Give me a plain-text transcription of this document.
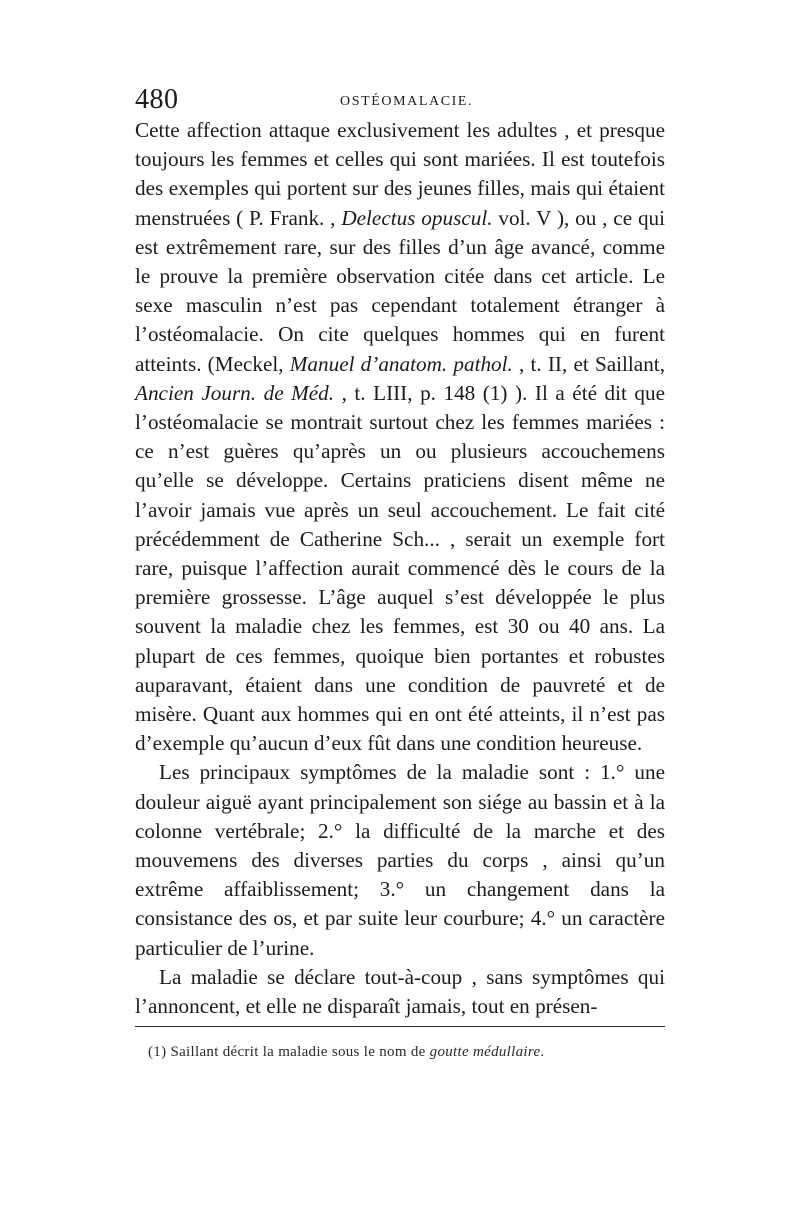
480	OSTÉOMALACIE.

Cette affection attaque exclusivement les adultes , et presque toujours les femmes et celles qui sont mariées. Il est toutefois des exemples qui portent sur des jeunes filles, mais qui étaient menstruées ( P. Frank. , Delectus opuscul. vol. V ), ou , ce qui est extrêmement rare, sur des filles d’un âge avancé, comme le prouve la première observation citée dans cet article. Le sexe masculin n’est pas cependant totalement étranger à l’ostéomalacie. On cite quelques hommes qui en furent atteints. (Meckel, Manuel d’anatom. pathol. , t. II, et Saillant, Ancien Journ. de Méd. , t. LIII, p. 148 (1) ). Il a été dit que l’ostéomalacie se montrait surtout chez les femmes mariées : ce n’est guères qu’après un ou plusieurs accouchemens qu’elle se développe. Certains praticiens disent même ne l’avoir jamais vue après un seul accouchement. Le fait cité précédemment de Catherine Sch... , serait un exemple fort rare, puisque l’affection aurait commencé dès le cours de la première grossesse. L’âge auquel s’est développée le plus souvent la maladie chez les femmes, est 30 ou 40 ans. La plupart de ces femmes, quoique bien portantes et robustes auparavant, étaient dans une condition de pauvreté et de misère. Quant aux hommes qui en ont été atteints, il n’est pas d’exemple qu’aucun d’eux fût dans une condition heureuse.

Les principaux symptômes de la maladie sont : 1.° une douleur aiguë ayant principalement son siége au bassin et à la colonne vertébrale; 2.° la difficulté de la marche et des mouvemens des diverses parties du corps , ainsi qu’un extrême affaiblissement; 3.° un changement dans la consistance des os, et par suite leur courbure; 4.° un caractère particulier de l’urine.

La maladie se déclare tout-à-coup , sans symptômes qui l’annoncent, et elle ne disparaît jamais, tout en présen-

(1) Saillant décrit la maladie sous le nom de goutte médullaire.
